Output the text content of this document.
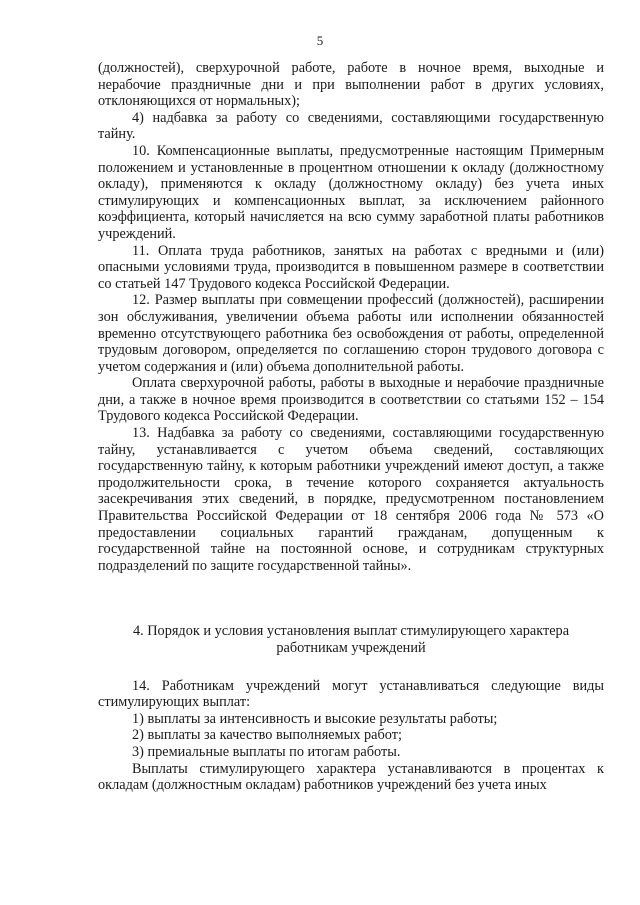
5

(должностей), сверхурочной работе, работе в ночное время, выходные и нерабочие праздничные дни и при выполнении работ в других условиях, отклоняющихся от нормальных);

4) надбавка за работу со сведениями, составляющими государственную тайну.

10. Компенсационные выплаты, предусмотренные настоящим Примерным положением и установленные в процентном отношении к окладу (должностному окладу), применяются к окладу (должностному окладу) без учета иных стимулирующих и компенсационных выплат, за исключением районного коэффициента, который начисляется на всю сумму заработной платы работников учреждений.

11. Оплата труда работников, занятых на работах с вредными и (или) опасными условиями труда, производится в повышенном размере в соответствии со статьей 147 Трудового кодекса Российской Федерации.

12. Размер выплаты при совмещении профессий (должностей), расширении зон обслуживания, увеличении объема работы или исполнении обязанностей временно отсутствующего работника без освобождения от работы, определенной трудовым договором, определяется по соглашению сторон трудового договора с учетом содержания и (или) объема дополнительной работы.

Оплата сверхурочной работы, работы в выходные и нерабочие праздничные дни, а также в ночное время производится в соответствии со статьями 152 – 154 Трудового кодекса Российской Федерации.

13. Надбавка за работу со сведениями, составляющими государственную тайну, устанавливается с учетом объема сведений, составляющих государственную тайну, к которым работники учреждений имеют доступ, а также продолжительности срока, в течение которого сохраняется актуальность засекречивания этих сведений, в порядке, предусмотренном постановлением Правительства Российской Федерации от 18 сентября 2006 года № 573 «О предоставлении социальных гарантий гражданам, допущенным к государственной тайне на постоянной основе, и сотрудникам структурных подразделений по защите государственной тайны».

4. Порядок и условия установления выплат стимулирующего характера
работникам учреждений

14. Работникам учреждений могут устанавливаться следующие виды стимулирующих выплат:

1) выплаты за интенсивность и высокие результаты работы;

2) выплаты за качество выполняемых работ;

3) премиальные выплаты по итогам работы.

Выплаты стимулирующего характера устанавливаются в процентах к окладам (должностным окладам) работников учреждений без учета иных
